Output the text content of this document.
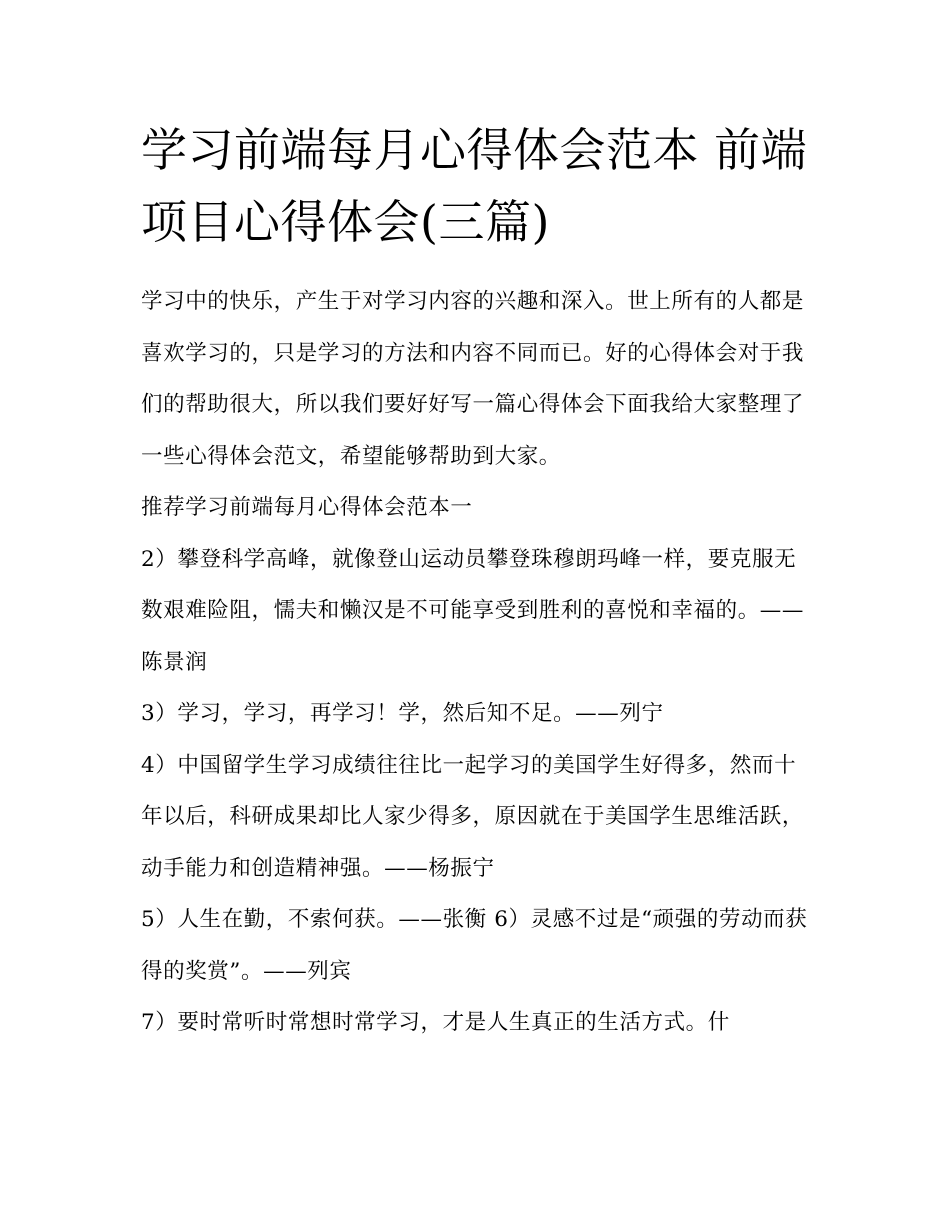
学习前端每月心得体会范本 前端项目心得体会(三篇)

学习中的快乐，产生于对学习内容的兴趣和深入。世上所有的人都是喜欢学习的，只是学习的方法和内容不同而已。好的心得体会对于我们的帮助很大，所以我们要好好写一篇心得体会下面我给大家整理了一些心得体会范文，希望能够帮助到大家。

推荐学习前端每月心得体会范本一

2）攀登科学高峰，就像登山运动员攀登珠穆朗玛峰一样，要克服无数艰难险阻，懦夫和懒汉是不可能享受到胜利的喜悦和幸福的。——陈景润

3）学习，学习，再学习！学，然后知不足。——列宁

4）中国留学生学习成绩往往比一起学习的美国学生好得多，然而十年以后，科研成果却比人家少得多，原因就在于美国学生思维活跃，动手能力和创造精神强。——杨振宁

5）人生在勤，不索何获。——张衡 6）灵感不过是“顽强的劳动而获得的奖赏”。——列宾

7）要时常听时常想时常学习，才是人生真正的生活方式。什
